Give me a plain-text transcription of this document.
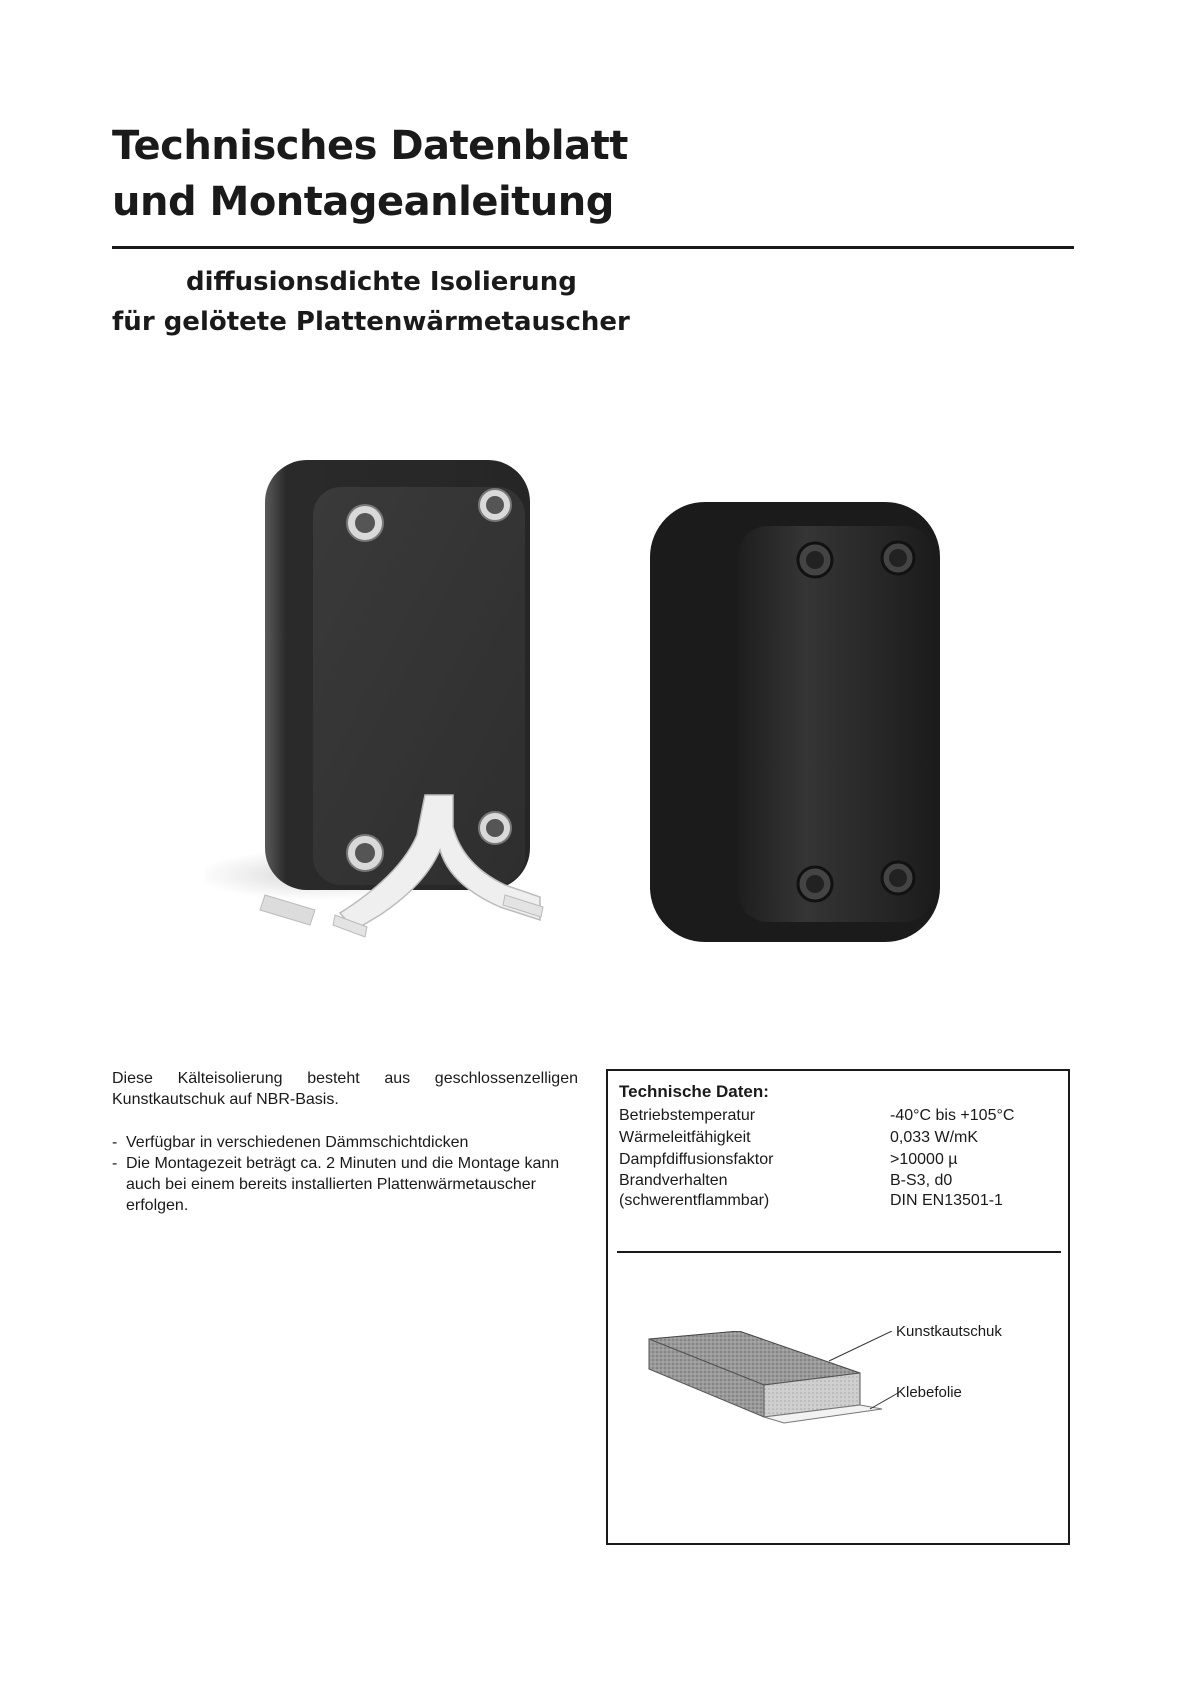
Technisches Datenblatt
und Montageanleitung

diffusionsdichte Isolierung

für gelötete Plattenwärmetauscher

Diese Kälteisolierung besteht aus geschlossenzelligen Kunstkautschuk auf NBR-Basis.

- Verfügbar in verschiedenen Dämmschichtdicken
- Die Montagezeit beträgt ca. 2 Minuten und die Montage kann auch bei einem bereits installierten Plattenwärmetauscher erfolgen.

Technische Daten:

Betriebstemperatur	-40°C bis +105°C
Wärmeleitfähigkeit	0,033 W/mK
Dampfdiffusionsfaktor	>10000 µ
Brandverhalten	B-S3, d0
(schwerentflammbar)	DIN EN13501-1
Kunstkautschuk
Klebefolie
